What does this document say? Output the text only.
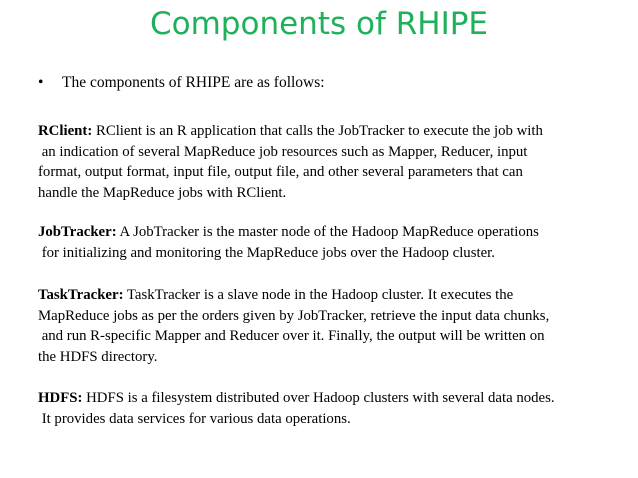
Components of RHIPE
• The components of RHIPE are as follows:
RClient: RClient is an R application that calls the JobTracker to execute the job with
an indication of several MapReduce job resources such as Mapper, Reducer, input
format, output format, input file, output file, and other several parameters that can
handle the MapReduce jobs with RClient.
JobTracker: A JobTracker is the master node of the Hadoop MapReduce operations
for initializing and monitoring the MapReduce jobs over the Hadoop cluster.
TaskTracker: TaskTracker is a slave node in the Hadoop cluster. It executes the
MapReduce jobs as per the orders given by JobTracker, retrieve the input data chunks,
and run R-specific Mapper and Reducer over it. Finally, the output will be written on
the HDFS directory.
HDFS: HDFS is a filesystem distributed over Hadoop clusters with several data nodes.
It provides data services for various data operations.
